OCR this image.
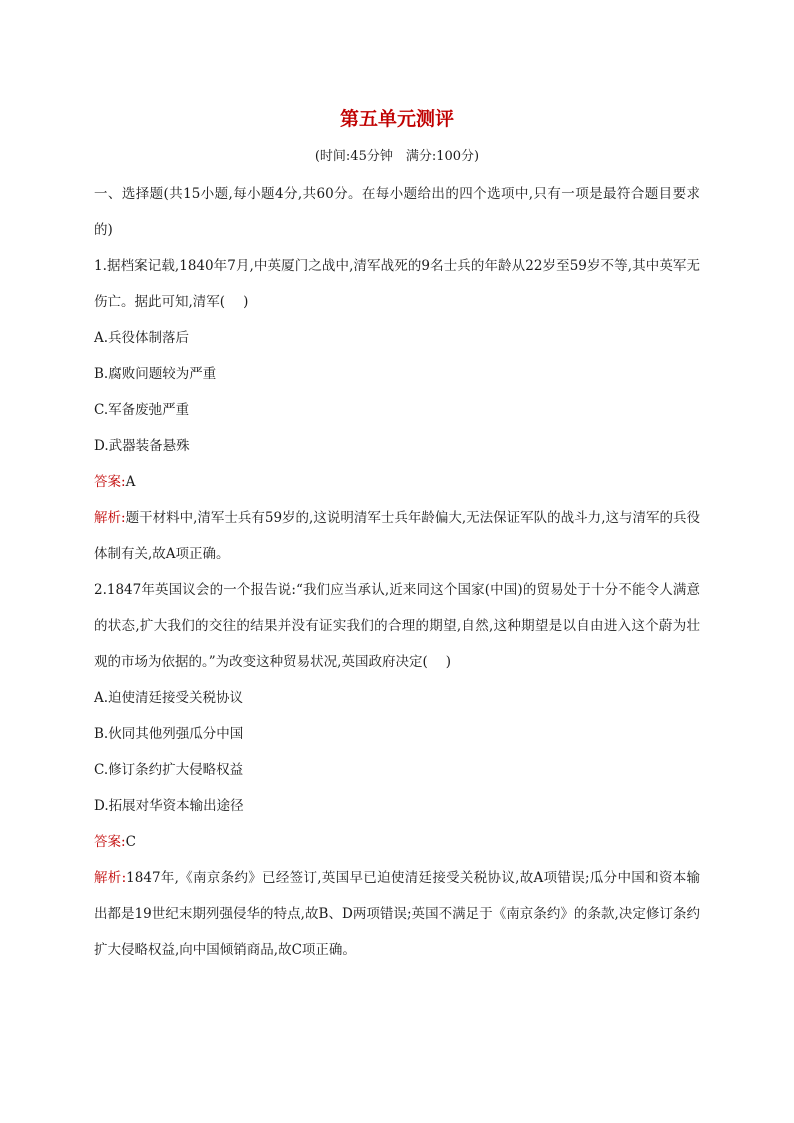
第五单元测评

(时间:45分钟　满分:100分)

一、选择题(共15小题,每小题4分,共60分。在每小题给出的四个选项中,只有一项是最符合题目要求的)

1.据档案记载,1840年7月,中英厦门之战中,清军战死的9名士兵的年龄从22岁至59岁不等,其中英军无伤亡。据此可知,清军( )

A.兵役体制落后

B.腐败问题较为严重

C.军备废弛严重

D.武器装备悬殊

答案:A

解析:题干材料中,清军士兵有59岁的,这说明清军士兵年龄偏大,无法保证军队的战斗力,这与清军的兵役体制有关,故A项正确。

2.1847年英国议会的一个报告说:“我们应当承认,近来同这个国家(中国)的贸易处于十分不能令人满意的状态,扩大我们的交往的结果并没有证实我们的合理的期望,自然,这种期望是以自由进入这个蔚为壮观的市场为依据的。”为改变这种贸易状况,英国政府决定( )

A.迫使清廷接受关税协议

B.伙同其他列强瓜分中国

C.修订条约扩大侵略权益

D.拓展对华资本输出途径

答案:C

解析:1847年,《南京条约》已经签订,英国早已迫使清廷接受关税协议,故A项错误;瓜分中国和资本输出都是19世纪末期列强侵华的特点,故B、D两项错误;英国不满足于《南京条约》的条款,决定修订条约扩大侵略权益,向中国倾销商品,故C项正确。
